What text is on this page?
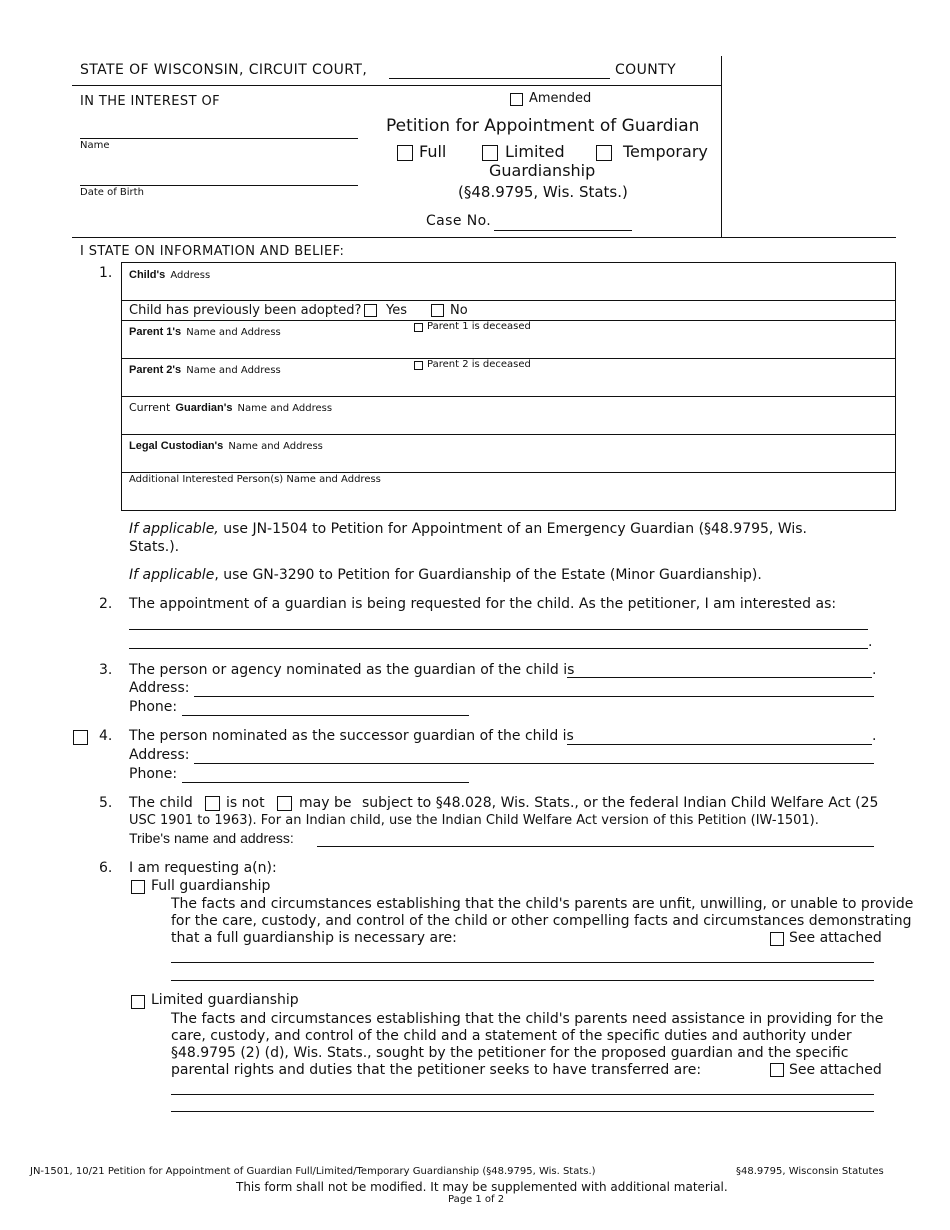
STATE OF WISCONSIN, CIRCUIT COURT,	COUNTY
IN THE INTEREST OF
Name
Date of Birth
Amended
Petition for Appointment of Guardian
Full	Limited	Temporary
Guardianship
(§48.9795, Wis. Stats.)
Case No.
I STATE ON INFORMATION AND BELIEF:
1. Child's Address
Child has previously been adopted? Yes	No
Parent 1's Name and Address
Parent 1 is deceased
Parent 2's Name and Address
Parent 2 is deceased
Current Guardian's Name and Address
Legal Custodian's Name and Address
Additional Interested Person(s) Name and Address
If applicable, use JN-1504 to Petition for Appointment of an Emergency Guardian (§48.9795, Wis.
Stats.).
If applicable, use GN-3290 to Petition for Guardianship of the Estate (Minor Guardianship).
2. The appointment of a guardian is being requested for the child. As the petitioner, I am interested as:
.
3. The person or agency nominated as the guardian of the child is	.
Address:
Phone:
4. The person nominated as the successor guardian of the child is	.
Address:
Phone:
5. The child is not may be subject to §48.028, Wis. Stats., or the federal Indian Child Welfare Act (25
USC 1901 to 1963). For an Indian child, use the Indian Child Welfare Act version of this Petition (IW-1501).
Tribe's name and address:
6. I am requesting a(n):
Full guardianship
The facts and circumstances establishing that the child's parents are unfit, unwilling, or unable to provide
for the care, custody, and control of the child or other compelling facts and circumstances demonstrating
that a full guardianship is necessary are:	See attached
Limited guardianship
The facts and circumstances establishing that the child's parents need assistance in providing for the
care, custody, and control of the child and a statement of the specific duties and authority under
§48.9795 (2) (d), Wis. Stats., sought by the petitioner for the proposed guardian and the specific
parental rights and duties that the petitioner seeks to have transferred are:	See attached
JN-1501, 10/21 Petition for Appointment of Guardian Full/Limited/Temporary Guardianship (§48.9795, Wis. Stats.)	§48.9795, Wisconsin Statutes
This form shall not be modified. It may be supplemented with additional material.
Page 1 of 2
